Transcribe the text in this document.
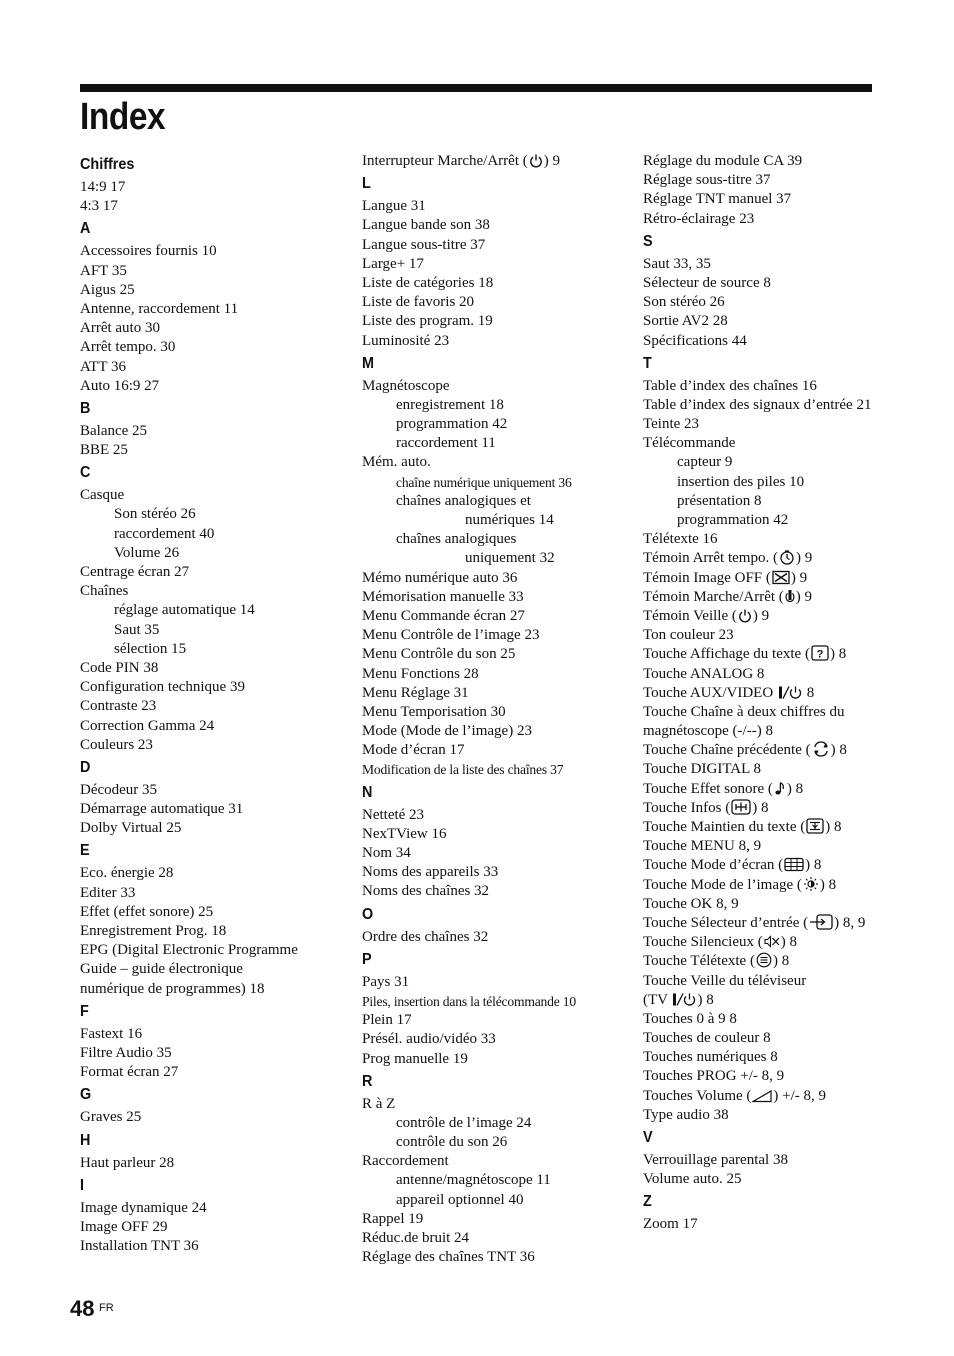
Index
Chiffres
14:9 17
4:3 17
A
Accessoires fournis 10
AFT 35
Aigus 25
Antenne, raccordement 11
Arrêt auto 30
Arrêt tempo. 30
ATT 36
Auto 16:9 27
B
Balance 25
BBE 25
C
Casque
Son stéréo 26
raccordement 40
Volume 26
Centrage écran 27
Chaînes
réglage automatique 14
Saut 35
sélection 15
Code PIN 38
Configuration technique 39
Contraste 23
Correction Gamma 24
Couleurs 23
D
Décodeur 35
Démarrage automatique 31
Dolby Virtual 25
E
Eco. énergie 28
Editer 33
Effet (effet sonore) 25
Enregistrement Prog. 18
EPG (Digital Electronic Programme
Guide – guide électronique
numérique de programmes) 18
F
Fastext 16
Filtre Audio 35
Format écran 27
G
Graves 25
H
Haut parleur 28
I
Image dynamique 24
Image OFF 29
Installation TNT 36
Interrupteur Marche/Arrêt ( ) 9
L
Langue 31
Langue bande son 38
Langue sous-titre 37
Large+ 17
Liste de catégories 18
Liste de favoris 20
Liste des program. 19
Luminosité 23
M
Magnétoscope
enregistrement 18
programmation 42
raccordement 11
Mém. auto.
chaîne numérique uniquement 36
chaînes analogiques et
numériques 14
chaînes analogiques
uniquement 32
Mémo numérique auto 36
Mémorisation manuelle 33
Menu Commande écran 27
Menu Contrôle de l’image 23
Menu Contrôle du son 25
Menu Fonctions 28
Menu Réglage 31
Menu Temporisation 30
Mode (Mode de l’image) 23
Mode d’écran 17
Modification de la liste des chaînes 37
N
Netteté 23
NexTView 16
Nom 34
Noms des appareils 33
Noms des chaînes 32
O
Ordre des chaînes 32
P
Pays 31
Piles, insertion dans la télécommande 10
Plein 17
Présél. audio/vidéo 33
Prog manuelle 19
R
R à Z
contrôle de l’image 24
contrôle du son 26
Raccordement
antenne/magnétoscope 11
appareil optionnel 40
Rappel 19
Réduc.de bruit 24
Réglage des chaînes TNT 36
Réglage du module CA 39
Réglage sous-titre 37
Réglage TNT manuel 37
Rétro-éclairage 23
S
Saut 33, 35
Sélecteur de source 8
Son stéréo 26
Sortie AV2 28
Spécifications 44
T
Table d’index des chaînes 16
Table d’index des signaux d’entrée 21
Teinte 23
Télécommande
capteur 9
insertion des piles 10
présentation 8
programmation 42
Télétexte 16
Témoin Arrêt tempo. ( ) 9
Témoin Image OFF ( ) 9
Témoin Marche/Arrêt ( ) 9
Témoin Veille ( ) 9
Ton couleur 23
Touche Affichage du texte ( ? ) 8
Touche ANALOG 8
Touche AUX/VIDEO
8
Touche Chaîne à deux chiffres du
magnétoscope (-/--) 8
Touche Chaîne précédente ( ) 8
Touche DIGITAL 8
Touche Effet sonore ( ) 8
Touche Infos ( ) 8
Touche Maintien du texte ( ) 8
Touche MENU 8, 9
Touche Mode d’écran ( ) 8
Touche Mode de l’image ( ) 8
Touche OK 8, 9
Touche Sélecteur d’entrée ( ) 8, 9
Touche Silencieux ( ) 8
Touche Télétexte ( ) 8
Touche Veille du téléviseur
(TV
) 8
Touches 0 à 9 8
Touches de couleur 8
Touches numériques 8
Touches PROG +/- 8, 9
Touches Volume ( ) +/- 8, 9
Type audio 38
V
Verrouillage parental 38
Volume auto. 25
Z
Zoom 17
48 FR
